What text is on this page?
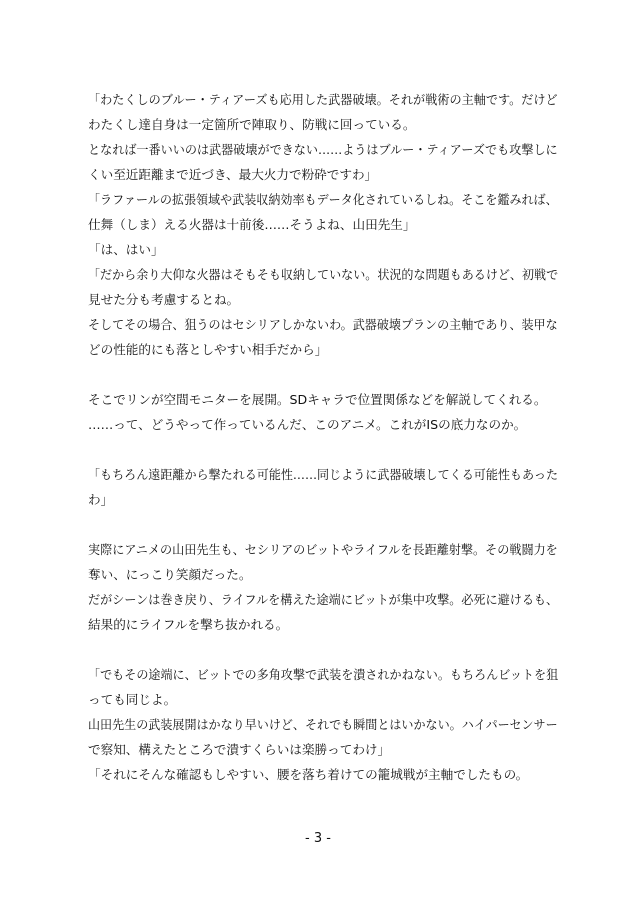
「わたくしのブルー・ティアーズも応用した武器破壊。それが戦術の主軸です。だけど
わたくし達自身は一定箇所で陣取り、防戦に回っている。
となれば一番いいのは武器破壊ができない……ようはブルー・ティアーズでも攻撃しに
くい至近距離まで近づき、最大火力で粉砕ですわ」
「ラファールの拡張領域や武装収納効率もデータ化されているしね。そこを鑑みれば、
仕舞（しま）える火器は十前後……そうよね、山田先生」
「は、はい」
「だから余り大仰な火器はそもそも収納していない。状況的な問題もあるけど、初戦で
見せた分も考慮するとね。
そしてその場合、狙うのはセシリアしかないわ。武器破壊プランの主軸であり、装甲な
どの性能的にも落としやすい相手だから」
そこでリンが空間モニターを展開。SDキャラで位置関係などを解説してくれる。
……って、どうやって作っているんだ、このアニメ。これがISの底力なのか。
「もちろん遠距離から撃たれる可能性……同じように武器破壊してくる可能性もあった
わ」
実際にアニメの山田先生も、セシリアのビットやライフルを長距離射撃。その戦闘力を
奪い、にっこり笑顔だった。
だがシーンは巻き戻り、ライフルを構えた途端にビットが集中攻撃。必死に避けるも、
結果的にライフルを撃ち抜かれる。
「でもその途端に、ビットでの多角攻撃で武装を潰されかねない。もちろんビットを狙
っても同じよ。
山田先生の武装展開はかなり早いけど、それでも瞬間とはいかない。ハイパーセンサー
で察知、構えたところで潰すくらいは楽勝ってわけ」
「それにそんな確認もしやすい、腰を落ち着けての籠城戦が主軸でしたもの。
- 3 -
